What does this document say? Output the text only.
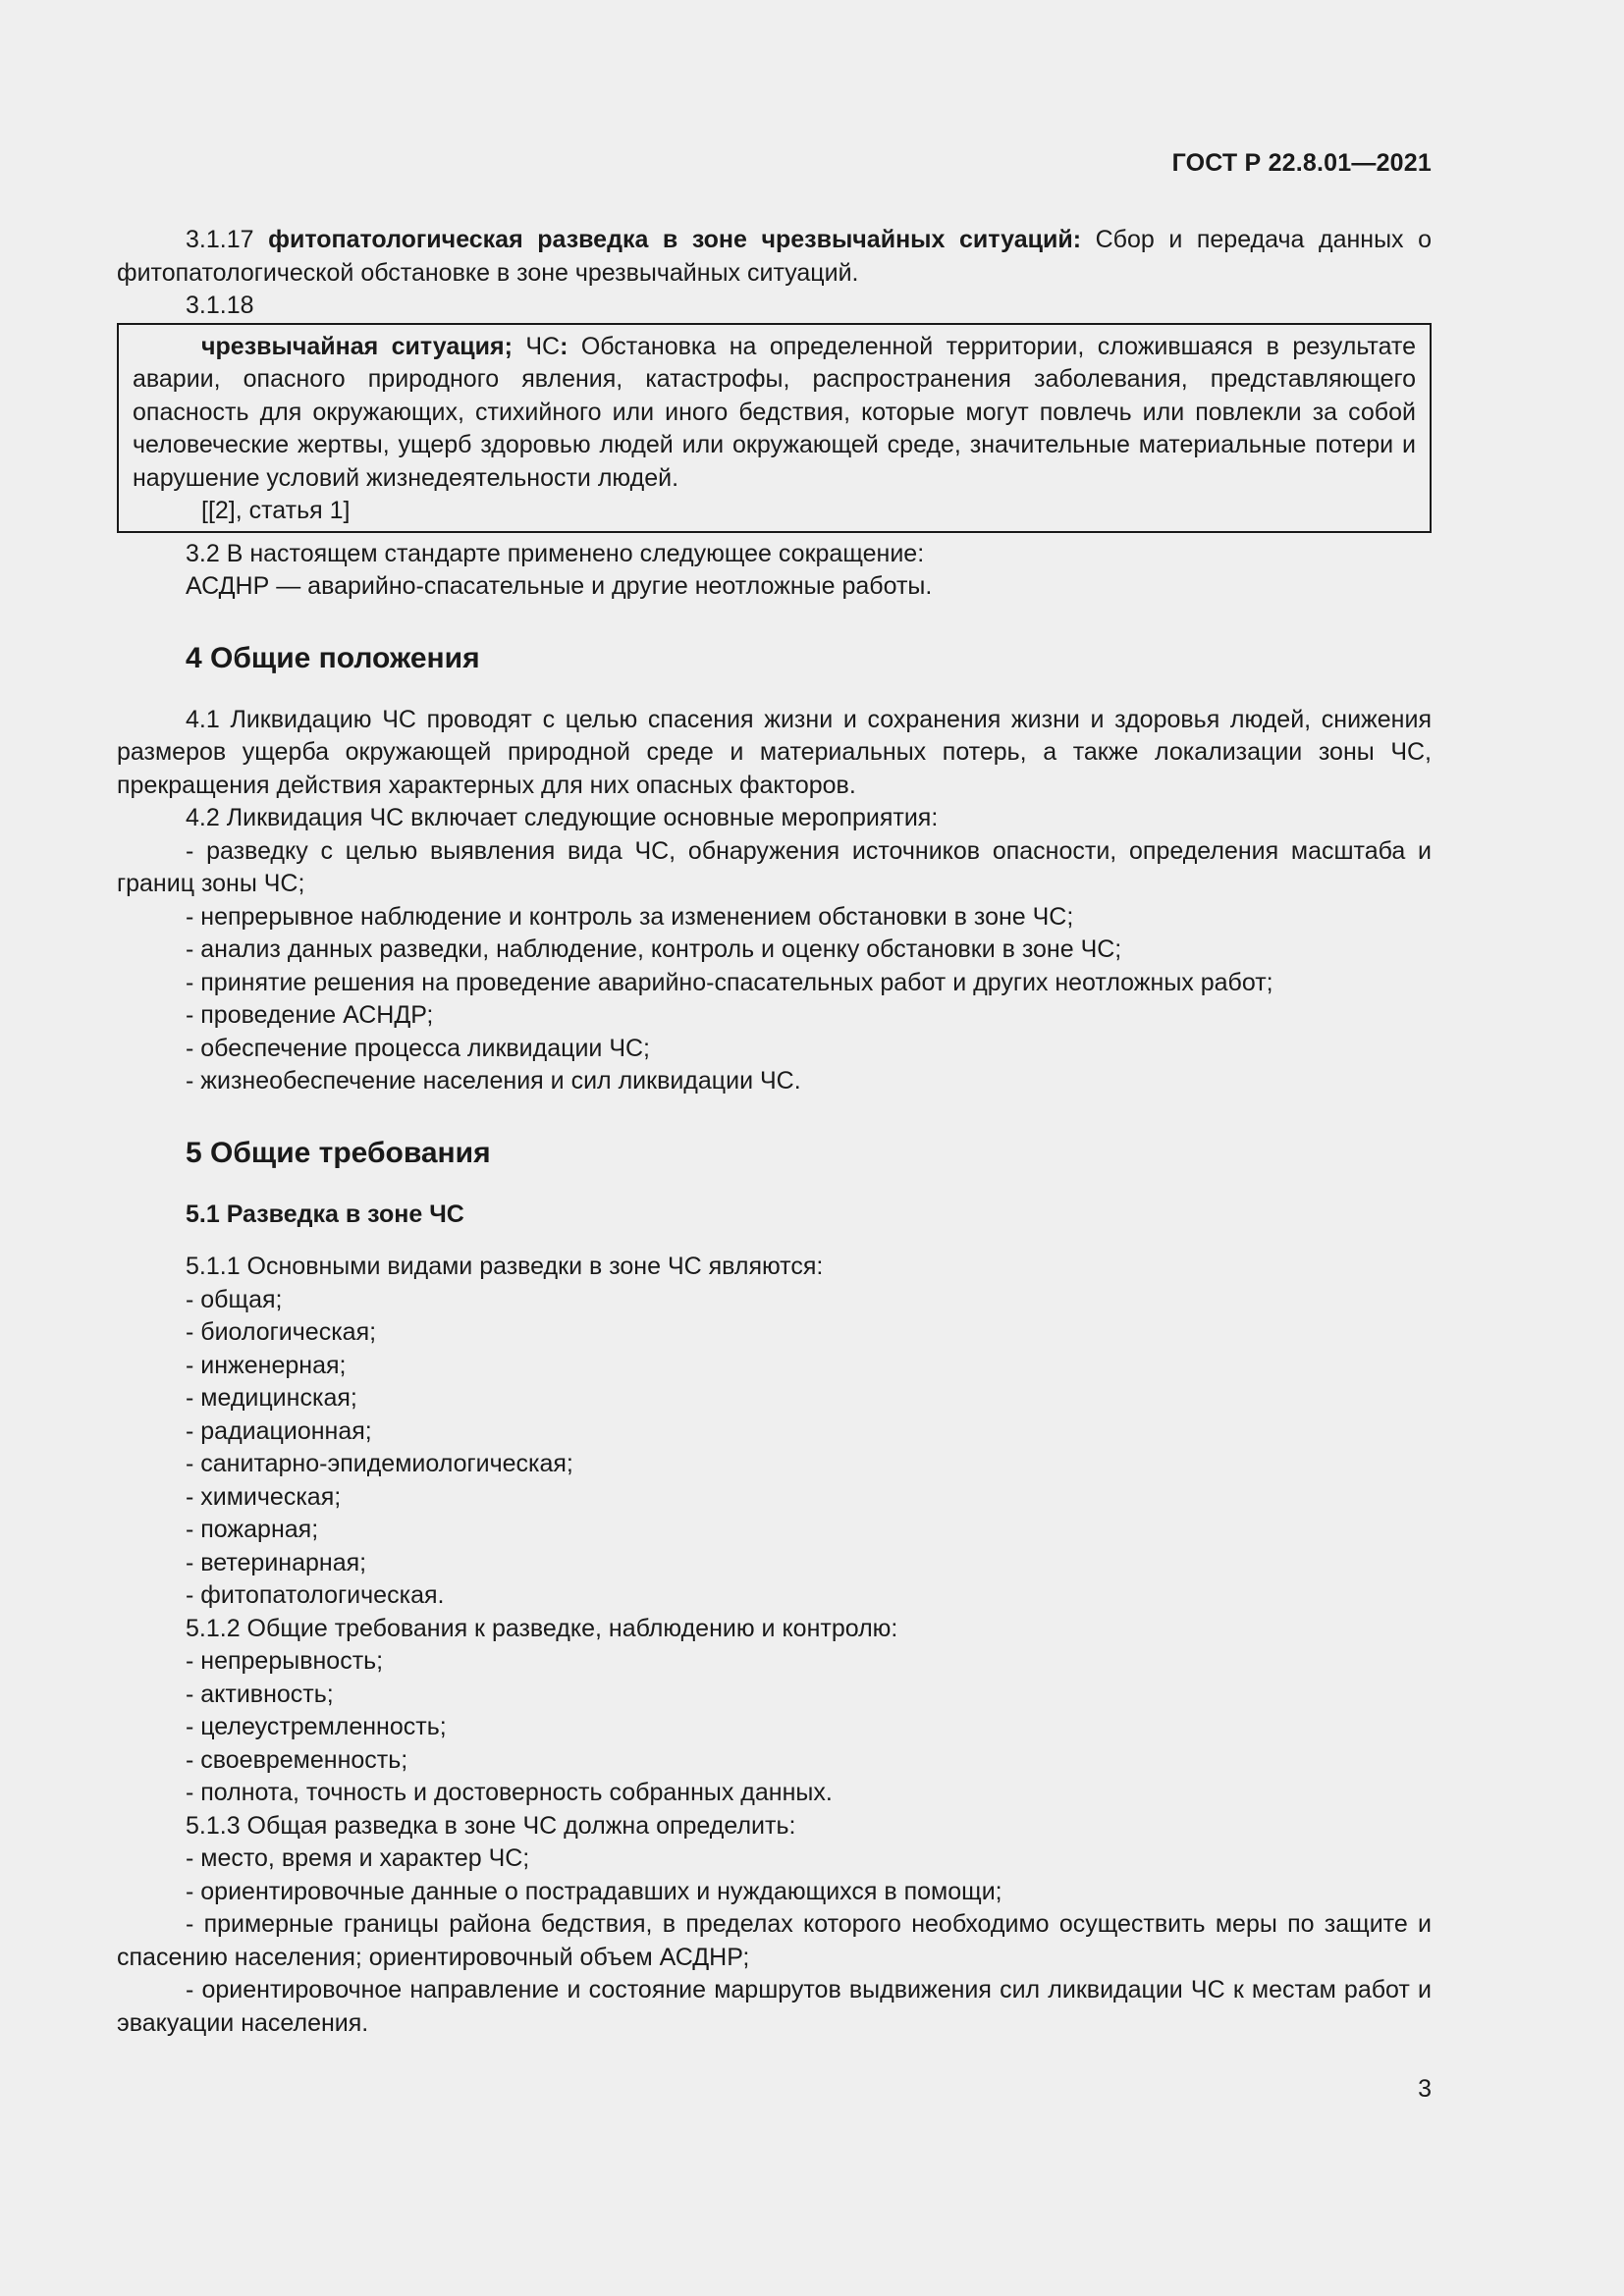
ГОСТ Р 22.8.01—2021

3.1.17 фитопатологическая разведка в зоне чрезвычайных ситуаций: Сбор и передача данных о фитопатологической обстановке в зоне чрезвычайных ситуаций.

3.1.18

чрезвычайная ситуация; ЧС: Обстановка на определенной территории, сложившаяся в результате аварии, опасного природного явления, катастрофы, распространения заболевания, представляющего опасность для окружающих, стихийного или иного бедствия, которые могут повлечь или повлекли за собой человеческие жертвы, ущерб здоровью людей или окружающей среде, значительные материальные потери и нарушение условий жизнедеятельности людей.

[[2], статья 1]

3.2 В настоящем стандарте применено следующее сокращение:

АСДНР — аварийно-спасательные и другие неотложные работы.

4 Общие положения

4.1 Ликвидацию ЧС проводят с целью спасения жизни и сохранения жизни и здоровья людей, снижения размеров ущерба окружающей природной среде и материальных потерь, а также локализации зоны ЧС, прекращения действия характерных для них опасных факторов.

4.2 Ликвидация ЧС включает следующие основные мероприятия:

- разведку с целью выявления вида ЧС, обнаружения источников опасности, определения масштаба и границ зоны ЧС;

- непрерывное наблюдение и контроль за изменением обстановки в зоне ЧС;

- анализ данных разведки, наблюдение, контроль и оценку обстановки в зоне ЧС;

- принятие решения на проведение аварийно-спасательных работ и других неотложных работ;

- проведение АСНДР;

- обеспечение процесса ликвидации ЧС;

- жизнеобеспечение населения и сил ликвидации ЧС.

5 Общие требования
5.1 Разведка в зоне ЧС

5.1.1 Основными видами разведки в зоне ЧС являются:

- общая;

- биологическая;

- инженерная;

- медицинская;

- радиационная;

- санитарно-эпидемиологическая;

- химическая;

- пожарная;

- ветеринарная;

- фитопатологическая.

5.1.2 Общие требования к разведке, наблюдению и контролю:

- непрерывность;

- активность;

- целеустремленность;

- своевременность;

- полнота, точность и достоверность собранных данных.

5.1.3 Общая разведка в зоне ЧС должна определить:

- место, время и характер ЧС;

- ориентировочные данные о пострадавших и нуждающихся в помощи;

- примерные границы района бедствия, в пределах которого необходимо осуществить меры по защите и спасению населения; ориентировочный объем АСДНР;

- ориентировочное направление и состояние маршрутов выдвижения сил ликвидации ЧС к местам работ и эвакуации населения.

3
